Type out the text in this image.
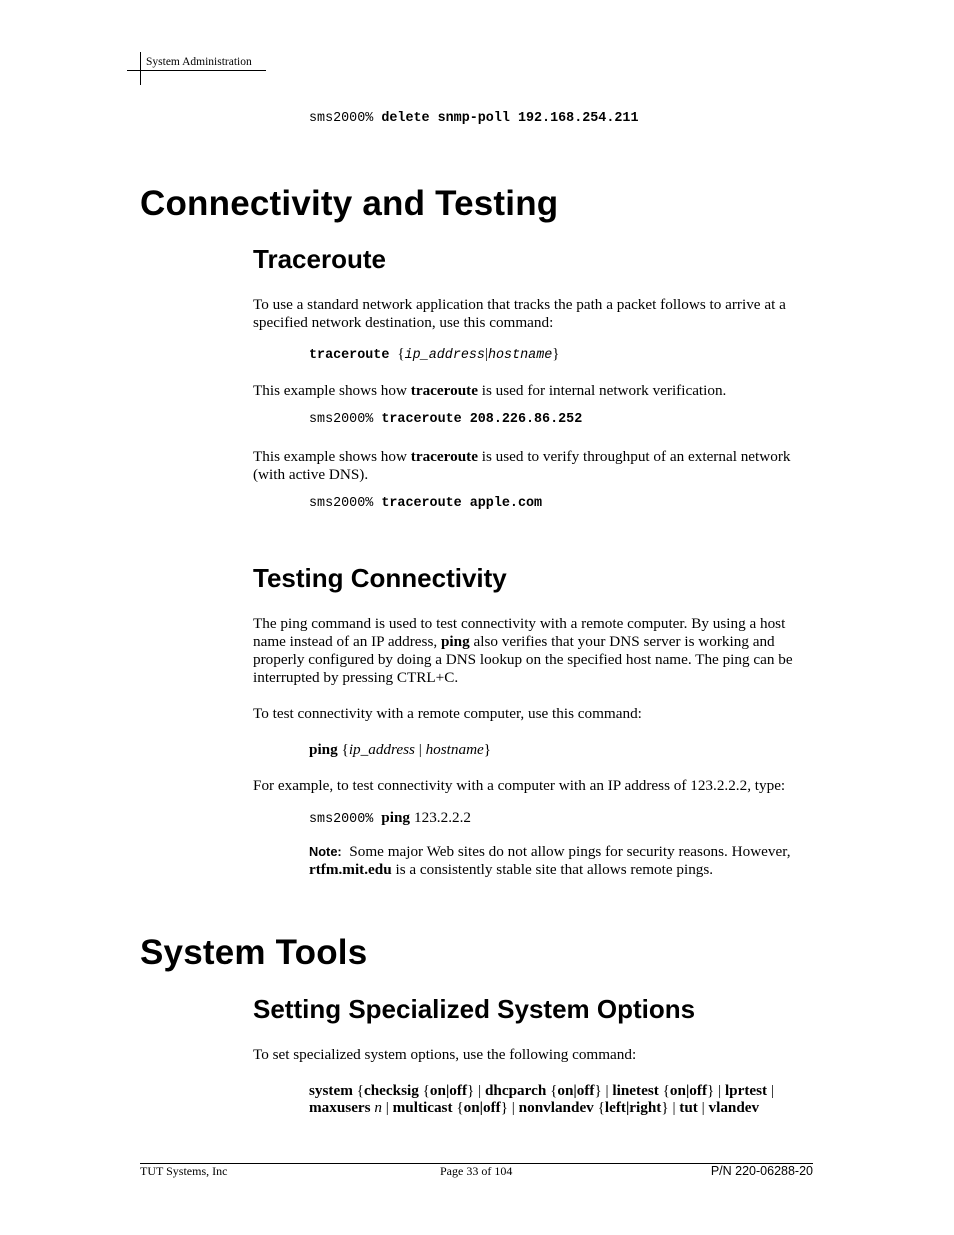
System Administration
sms2000% delete snmp-poll 192.168.254.211
Connectivity and Testing
Traceroute
To use a standard network application that tracks the path a packet follows to arrive at a specified network destination, use this command:
traceroute {ip_address|hostname}
This example shows how traceroute is used for internal network verification.
sms2000% traceroute 208.226.86.252
This example shows how traceroute is used to verify throughput of an external network (with active DNS).
sms2000% traceroute apple.com
Testing Connectivity
The ping command is used to test connectivity with a remote computer. By using a host name instead of an IP address, ping also verifies that your DNS server is working and properly configured by doing a DNS lookup on the specified host name. The ping can be interrupted by pressing CTRL+C.
To test connectivity with a remote computer, use this command:
ping {ip_address | hostname}
For example, to test connectivity with a computer with an IP address of 123.2.2.2, type:
sms2000% ping 123.2.2.2
Note: Some major Web sites do not allow pings for security reasons. However, rtfm.mit.edu is a consistently stable site that allows remote pings.
System Tools
Setting Specialized System Options
To set specialized system options, use the following command:
system {checksig {on|off} | dhcparch {on|off} | linetest {on|off} | lprtest |
maxusers n | multicast {on|off} | nonvlandev {left|right} | tut | vlandev
TUT Systems, Inc	Page 33 of 104	P/N 220-06288-20
